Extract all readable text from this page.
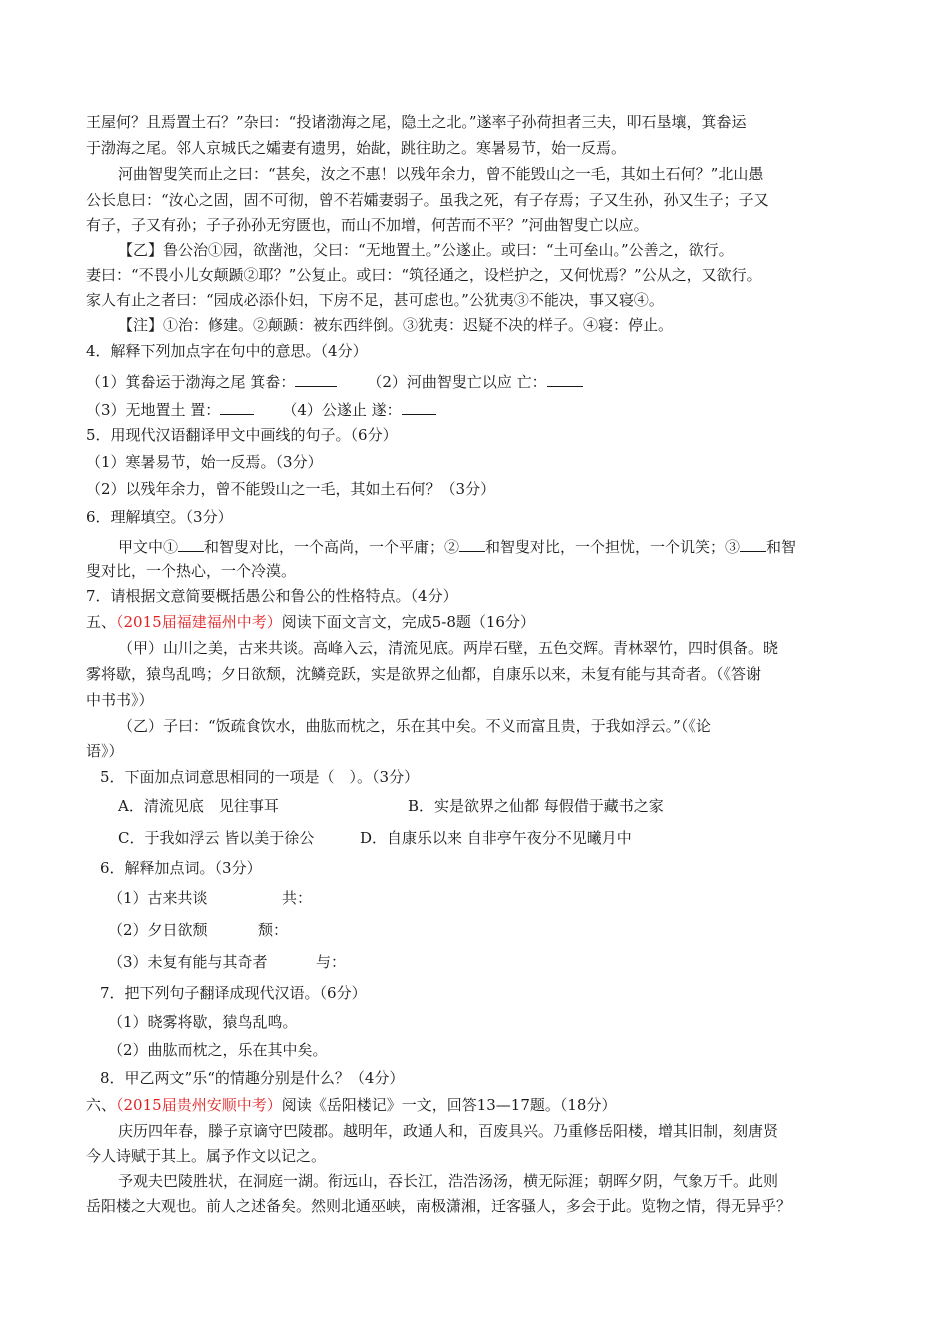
王屋何？且焉置土石？”杂曰：“投诸渤海之尾，隐土之北。”遂率子孙荷担者三夫，叩石垦壤，箕畚运
于渤海之尾。邻人京城氏之孀妻有遗男，始龀，跳往助之。寒暑易节，始一反焉。
河曲智叟笑而止之曰：“甚矣，汝之不惠！以残年余力，曾不能毁山之一毛，其如土石何？”北山愚
公长息曰：“汝心之固，固不可彻，曾不若孀妻弱子。虽我之死，有子存焉；子又生孙，孙又生子；子又
有子，子又有孙；子子孙孙无穷匮也，而山不加增，何苦而不平？”河曲智叟亡以应。
【乙】鲁公治①园，欲凿池，父曰：“无地置土。”公遂止。或曰：“土可垒山。”公善之，欲行。
妻曰：“不畏小儿女颠踬②耶？”公复止。或曰：“筑径通之，设栏护之，又何忧焉？”公从之，又欲行。
家人有止之者曰：“园成必添仆妇，下房不足，甚可虑也。”公犹夷③不能决，事又寝④。
【注】①治：修建。②颠踬：被东西绊倒。③犹夷：迟疑不决的样子。④寝：停止。
4．解释下列加点字在句中的意思。（4分）
（1）箕畚运于渤海之尾 箕畚：	（2）河曲智叟亡以应 亡：
（3）无地置土 置：	（4）公遂止 遂：
5．用现代汉语翻译甲文中画线的句子。（6分）
（1）寒暑易节，始一反焉。（3分）
（2）以残年余力，曾不能毁山之一毛，其如土石何？（3分）
6．理解填空。（3分）
甲文中① 和智叟对比，一个高尚，一个平庸；② 和智叟对比，一个担忧，一个讥笑；③ 和智
叟对比，一个热心，一个冷漠。
7．请根据文意简要概括愚公和鲁公的性格特点。（4分）
五、（2015届福建福州中考）阅读下面文言文，完成5-8题（16分）
（甲）山川之美，古来共谈。高峰入云，清流见底。两岸石壁，五色交辉。青林翠竹，四时俱备。晓
雾将歇，猿鸟乱鸣；夕日欲颓，沈鳞竞跃，实是欲界之仙都，自康乐以来，未复有能与其奇者。（《答谢
中书书》）
（乙）子曰：“饭疏食饮水，曲肱而枕之，乐在其中矣。不义而富且贵，于我如浮云。”（《论
语》）
5．下面加点词意思相同的一项是（　）。（3分）
A．清流见底　见往事耳	B．实是欲界之仙都 每假借于藏书之家
C．于我如浮云 皆以美于徐公	D．自康乐以来 自非亭午夜分不见曦月中
6．解释加点词。（3分）
（1）古来共谈	共：
（2）夕日欲颓	颓：
（3）未复有能与其奇者	与：
7．把下列句子翻译成现代汉语。（6分）
（1）晓雾将歇，猿鸟乱鸣。
（2）曲肱而枕之，乐在其中矣。
8．甲乙两文”乐“的情趣分别是什么？（4分）
六、（2015届贵州安顺中考）阅读《岳阳楼记》一文，回答13—17题。（18分）
庆历四年春，滕子京谪守巴陵郡。越明年，政通人和，百废具兴。乃重修岳阳楼，增其旧制，刻唐贤
今人诗赋于其上。属予作文以记之。
予观夫巴陵胜状，在洞庭一湖。衔远山，吞长江，浩浩汤汤，横无际涯；朝晖夕阴，气象万千。此则
岳阳楼之大观也。前人之述备矣。然则北通巫峡，南极潇湘，迁客骚人，多会于此。览物之情，得无异乎？
